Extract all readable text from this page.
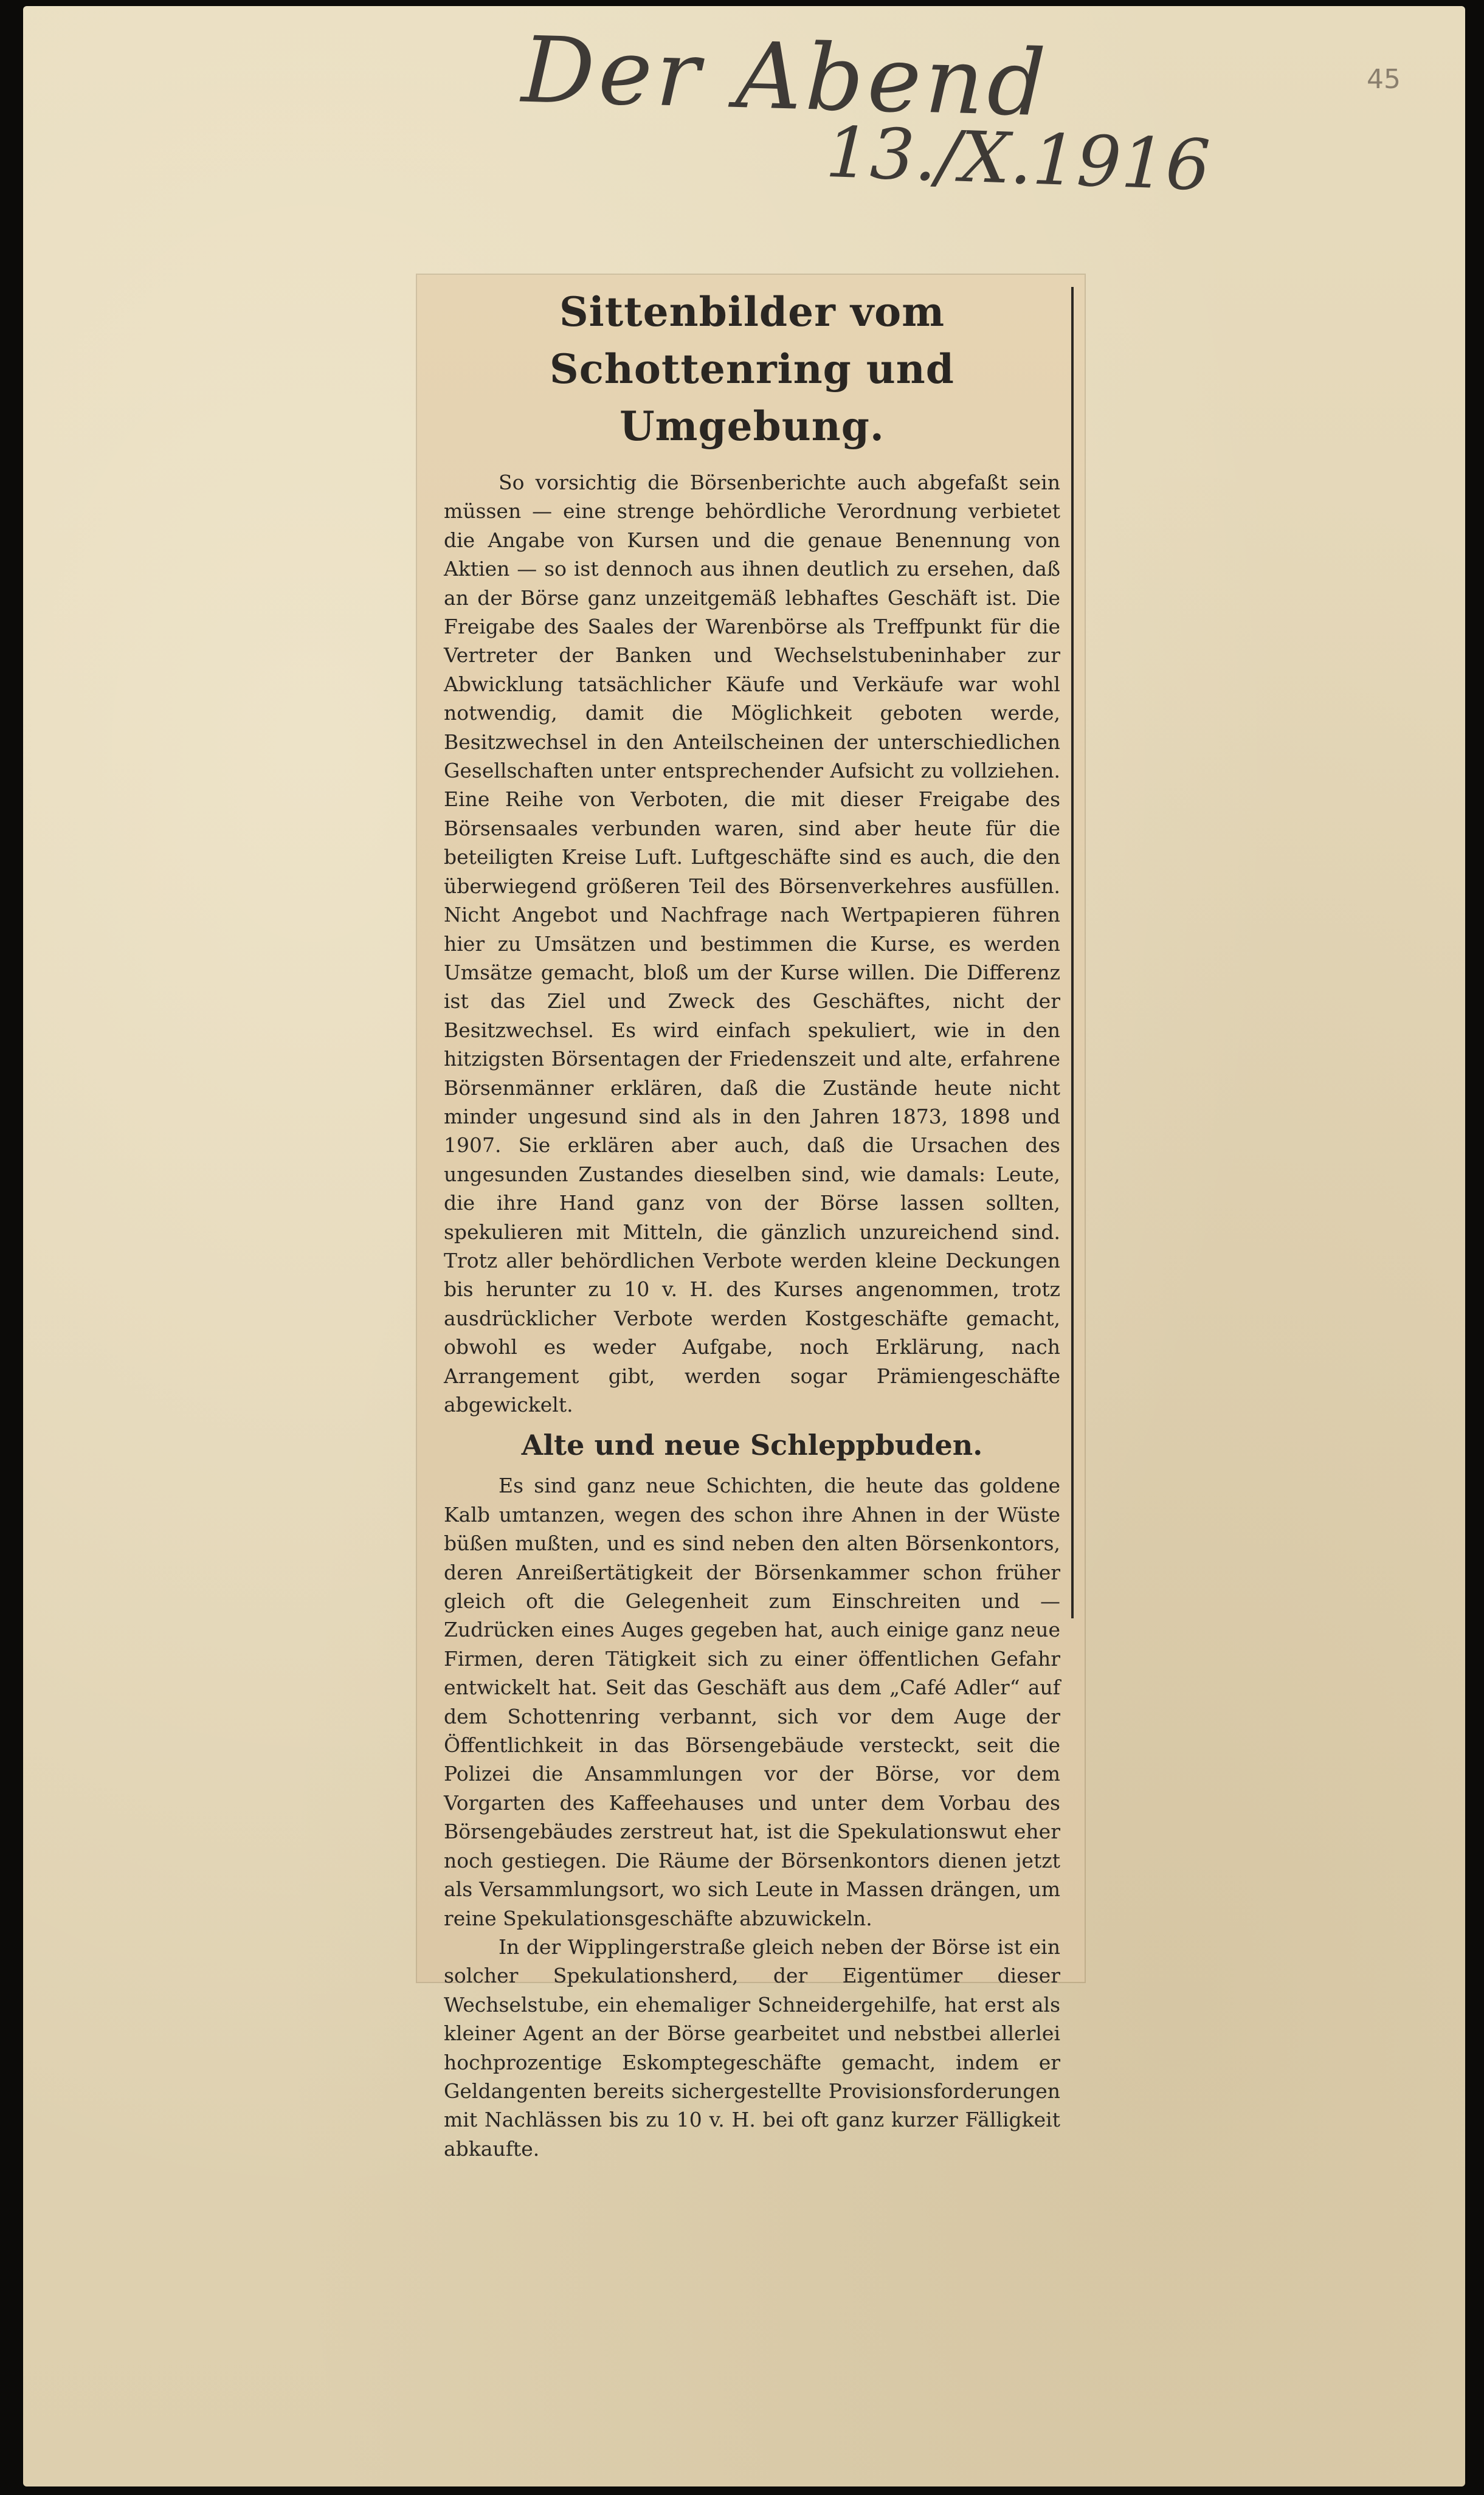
Der Abend

13./X.1916

45
Sittenbilder vom Schottenring und Umgebung.

So vorsichtig die Börsenberichte auch abgefaßt sein müssen — eine strenge behördliche Verordnung verbietet die Angabe von Kursen und die genaue Benennung von Aktien — so ist dennoch aus ihnen deutlich zu ersehen, daß an der Börse ganz unzeitgemäß lebhaftes Geschäft ist. Die Freigabe des Saales der Warenbörse als Treffpunkt für die Vertreter der Banken und Wechselstubeninhaber zur Abwicklung tatsächlicher Käufe und Verkäufe war wohl notwendig, damit die Möglichkeit geboten werde, Besitzwechsel in den Anteilscheinen der unterschiedlichen Gesellschaften unter entsprechender Aufsicht zu vollziehen. Eine Reihe von Verboten, die mit dieser Freigabe des Börsensaales verbunden waren, sind aber heute für die beteiligten Kreise Luft. Luftgeschäfte sind es auch, die den überwiegend größeren Teil des Börsenverkehres ausfüllen. Nicht Angebot und Nachfrage nach Wertpapieren führen hier zu Umsätzen und bestimmen die Kurse, es werden Umsätze gemacht, bloß um der Kurse willen. Die Differenz ist das Ziel und Zweck des Geschäftes, nicht der Besitzwechsel. Es wird einfach spekuliert, wie in den hitzigsten Börsentagen der Friedenszeit und alte, erfahrene Börsenmänner erklären, daß die Zustände heute nicht minder ungesund sind als in den Jahren 1873, 1898 und 1907. Sie erklären aber auch, daß die Ursachen des ungesunden Zustandes dieselben sind, wie damals: Leute, die ihre Hand ganz von der Börse lassen sollten, spekulieren mit Mitteln, die gänzlich unzureichend sind. Trotz aller behördlichen Verbote werden kleine Deckungen bis herunter zu 10 v. H. des Kurses angenommen, trotz ausdrücklicher Verbote werden Kostgeschäfte gemacht, obwohl es weder Aufgabe, noch Erklärung, nach Arrangement gibt, werden sogar Prämiengeschäfte abgewickelt.

Alte und neue Schleppbuden.

Es sind ganz neue Schichten, die heute das goldene Kalb umtanzen, wegen des schon ihre Ahnen in der Wüste büßen mußten, und es sind neben den alten Börsenkontors, deren Anreißertätigkeit der Börsenkammer schon früher gleich oft die Gelegenheit zum Einschreiten und — Zudrücken eines Auges gegeben hat, auch einige ganz neue Firmen, deren Tätigkeit sich zu einer öffentlichen Gefahr entwickelt hat. Seit das Geschäft aus dem „Café Adler“ auf dem Schottenring verbannt, sich vor dem Auge der Öffentlichkeit in das Börsengebäude versteckt, seit die Polizei die Ansammlungen vor der Börse, vor dem Vorgarten des Kaffeehauses und unter dem Vorbau des Börsengebäudes zerstreut hat, ist die Spekulationswut eher noch gestiegen. Die Räume der Börsenkontors dienen jetzt als Versammlungsort, wo sich Leute in Massen drängen, um reine Spekulationsgeschäfte abzuwickeln.

In der Wipplingerstraße gleich neben der Börse ist ein solcher Spekulationsherd, der Eigentümer dieser Wechselstube, ein ehemaliger Schneidergehilfe, hat erst als kleiner Agent an der Börse gearbeitet und nebstbei allerlei hochprozentige Eskomptegeschäfte gemacht, indem er Geldangenten bereits sichergestellte Provisionsforderungen mit Nachlässen bis zu 10 v. H. bei oft ganz kurzer Fälligkeit abkaufte.
